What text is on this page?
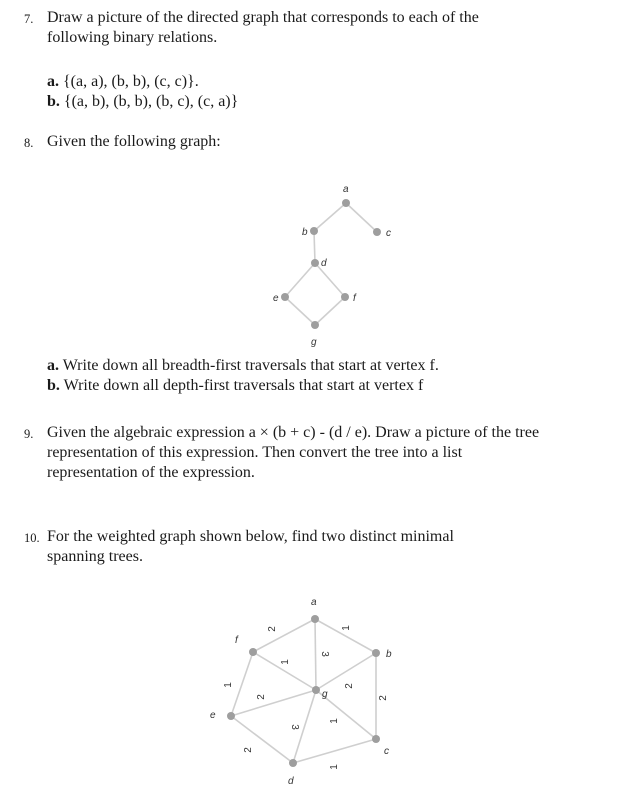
7. Draw a picture of the directed graph that corresponds to each of the
following binary relations.
a. {(a, a), (b, b), (c, c)}.
b. {(a, b), (b, b), (b, c), (c, a)}
8. Given the following graph:
a
b	c
d
e	f
g
a. Write down all breadth-first traversals that start at vertex f.
b. Write down all depth-first traversals that start at vertex f
9. Given the algebraic expression a × (b + c) - (d / e). Draw a picture of the tree
representation of this expression. Then convert the tree into a list
representation of the expression.
10. For the weighted graph shown below, find two distinct minimal
spanning trees.
a
b
c
d
e
f
g
2	1
1
3
2
2
1
2
1
3
2
1
